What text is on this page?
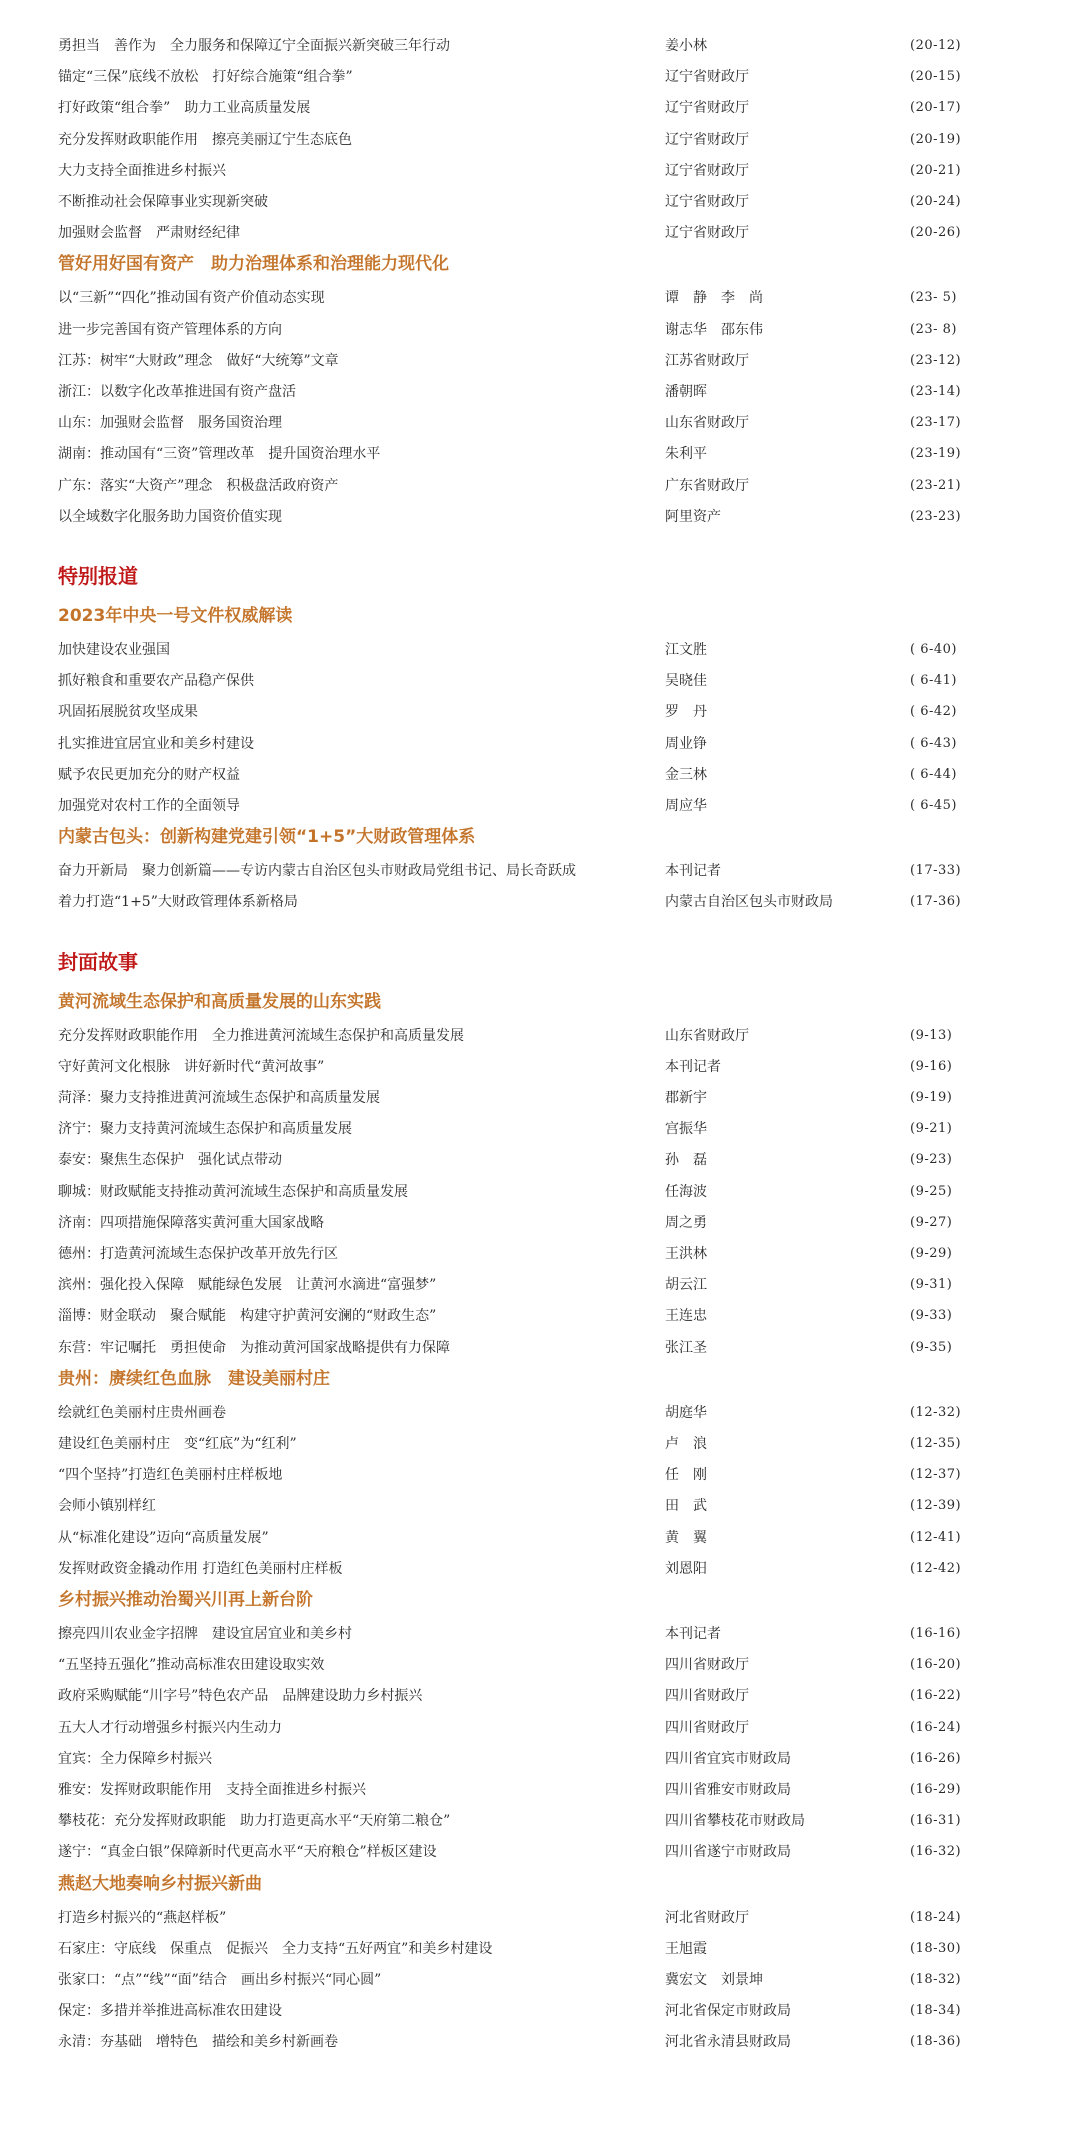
勇担当　善作为　全力服务和保障辽宁全面振兴新突破三年行动	姜小林	(20-12)
锚定“三保”底线不放松　打好综合施策“组合拳”	辽宁省财政厅	(20-15)
打好政策“组合拳”　助力工业高质量发展	辽宁省财政厅	(20-17)
充分发挥财政职能作用　擦亮美丽辽宁生态底色	辽宁省财政厅	(20-19)
大力支持全面推进乡村振兴	辽宁省财政厅	(20-21)
不断推动社会保障事业实现新突破	辽宁省财政厅	(20-24)
加强财会监督　严肃财经纪律	辽宁省财政厅	(20-26)
管好用好国有资产　助力治理体系和治理能力现代化
以“三新”“四化”推动国有资产价值动态实现	谭　静　李　尚	(23- 5)
进一步完善国有资产管理体系的方向	谢志华　邵东伟	(23- 8)
江苏：树牢“大财政”理念　做好“大统筹”文章	江苏省财政厅	(23-12)
浙江：以数字化改革推进国有资产盘活	潘朝晖	(23-14)
山东：加强财会监督　服务国资治理	山东省财政厅	(23-17)
湖南：推动国有“三资”管理改革　提升国资治理水平	朱利平	(23-19)
广东：落实“大资产”理念　积极盘活政府资产	广东省财政厅	(23-21)
以全域数字化服务助力国资价值实现	阿里资产	(23-23)
特别报道
2023年中央一号文件权威解读
加快建设农业强国	江文胜	( 6-40)
抓好粮食和重要农产品稳产保供	吴晓佳	( 6-41)
巩固拓展脱贫攻坚成果	罗　丹	( 6-42)
扎实推进宜居宜业和美乡村建设	周业铮	( 6-43)
赋予农民更加充分的财产权益	金三林	( 6-44)
加强党对农村工作的全面领导	周应华	( 6-45)
内蒙古包头：创新构建党建引领“1+5”大财政管理体系
奋力开新局　聚力创新篇——专访内蒙古自治区包头市财政局党组书记、局长奇跃成	本刊记者	(17-33)
着力打造“1+5”大财政管理体系新格局	内蒙古自治区包头市财政局	(17-36)
封面故事
黄河流域生态保护和高质量发展的山东实践
充分发挥财政职能作用　全力推进黄河流域生态保护和高质量发展	山东省财政厅	(9-13)
守好黄河文化根脉　讲好新时代“黄河故事”	本刊记者	(9-16)
菏泽：聚力支持推进黄河流域生态保护和高质量发展	郡新宇	(9-19)
济宁：聚力支持黄河流域生态保护和高质量发展	宫振华	(9-21)
泰安：聚焦生态保护　强化试点带动	孙　磊	(9-23)
聊城：财政赋能支持推动黄河流域生态保护和高质量发展	任海波	(9-25)
济南：四项措施保障落实黄河重大国家战略	周之勇	(9-27)
德州：打造黄河流域生态保护改革开放先行区	王洪林	(9-29)
滨州：强化投入保障　赋能绿色发展　让黄河水滴进“富强梦”	胡云江	(9-31)
淄博：财金联动　聚合赋能　构建守护黄河安澜的“财政生态”	王连忠	(9-33)
东营：牢记嘱托　勇担使命　为推动黄河国家战略提供有力保障	张江圣	(9-35)
贵州：赓续红色血脉　建设美丽村庄
绘就红色美丽村庄贵州画卷	胡庭华	(12-32)
建设红色美丽村庄　变“红底”为“红利”	卢　浪	(12-35)
“四个坚持”打造红色美丽村庄样板地	任　刚	(12-37)
会师小镇别样红	田　武	(12-39)
从“标准化建设”迈向“高质量发展”	黄　翼	(12-41)
发挥财政资金撬动作用 打造红色美丽村庄样板	刘恩阳	(12-42)
乡村振兴推动治蜀兴川再上新台阶
擦亮四川农业金字招牌　建设宜居宜业和美乡村	本刊记者	(16-16)
“五坚持五强化”推动高标准农田建设取实效	四川省财政厅	(16-20)
政府采购赋能“川字号”特色农产品　品牌建设助力乡村振兴	四川省财政厅	(16-22)
五大人才行动增强乡村振兴内生动力	四川省财政厅	(16-24)
宜宾：全力保障乡村振兴	四川省宜宾市财政局	(16-26)
雅安：发挥财政职能作用　支持全面推进乡村振兴	四川省雅安市财政局	(16-29)
攀枝花：充分发挥财政职能　助力打造更高水平“天府第二粮仓”	四川省攀枝花市财政局	(16-31)
遂宁：“真金白银”保障新时代更高水平“天府粮仓”样板区建设	四川省遂宁市财政局	(16-32)
燕赵大地奏响乡村振兴新曲
打造乡村振兴的“燕赵样板”	河北省财政厅	(18-24)
石家庄：守底线　保重点　促振兴　全力支持“五好两宜”和美乡村建设	王旭霞	(18-30)
张家口：“点”“线”“面”结合　画出乡村振兴“同心圆”	冀宏文　刘景坤	(18-32)
保定：多措并举推进高标准农田建设	河北省保定市财政局	(18-34)
永清：夯基础　增特色　描绘和美乡村新画卷	河北省永清县财政局	(18-36)
